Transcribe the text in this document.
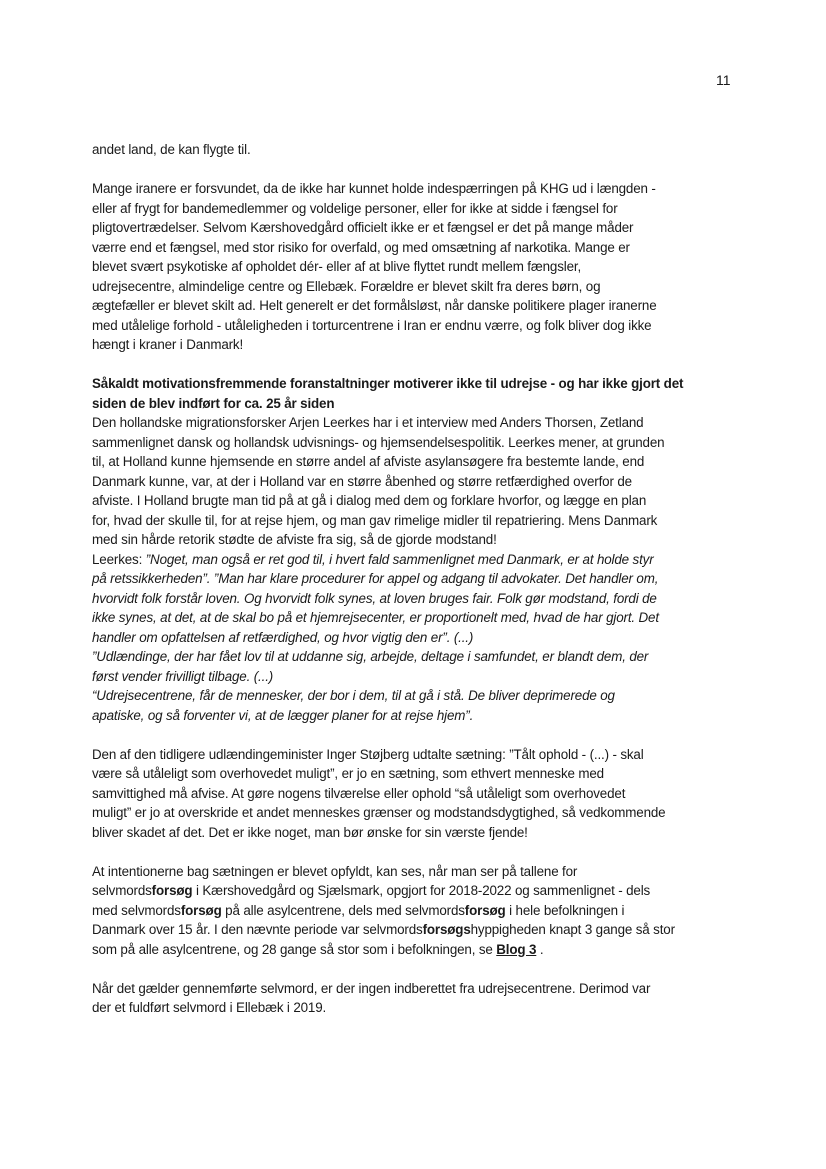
11
andet land, de kan flygte til.
Mange iranere er forsvundet, da de ikke har kunnet holde indespærringen på KHG ud i længden -
eller af frygt for bandemedlemmer og voldelige personer, eller for ikke at sidde i fængsel for
pligtovertrædelser. Selvom Kærshovedgård officielt ikke er et fængsel er det på mange måder
værre end et fængsel, med stor risiko for overfald, og med omsætning af narkotika. Mange er
blevet svært psykotiske af opholdet dér- eller af at blive flyttet rundt mellem fængsler,
udrejsecentre, almindelige centre og Ellebæk. Forældre er blevet skilt fra deres børn, og
ægtefæller er blevet skilt ad. Helt generelt er det formålsløst, når danske politikere plager iranerne
med utålelige forhold - utåleligheden i torturcentrene i Iran er endnu værre, og folk bliver dog ikke
hængt i kraner i Danmark!
Såkaldt motivationsfremmende foranstaltninger motiverer ikke til udrejse - og har ikke gjort det
siden de blev indført for ca. 25 år siden
Den hollandske migrationsforsker Arjen Leerkes har i et interview med Anders Thorsen, Zetland
sammenlignet dansk og hollandsk udvisnings- og hjemsendelsespolitik. Leerkes mener, at grunden
til, at Holland kunne hjemsende en større andel af afviste asylansøgere fra bestemte lande, end
Danmark kunne, var, at der i Holland var en større åbenhed og større retfærdighed overfor de
afviste. I Holland brugte man tid på at gå i dialog med dem og forklare hvorfor, og lægge en plan
for, hvad der skulle til, for at rejse hjem, og man gav rimelige midler til repatriering. Mens Danmark
med sin hårde retorik stødte de afviste fra sig, så de gjorde modstand!
Leerkes: ”Noget, man også er ret god til, i hvert fald sammenlignet med Danmark, er at holde styr
på retssikkerheden”. ”Man har klare procedurer for appel og adgang til advokater. Det handler om,
hvorvidt folk forstår loven. Og hvorvidt folk synes, at loven bruges fair. Folk gør modstand, fordi de
ikke synes, at det, at de skal bo på et hjemrejsecenter, er proportionelt med, hvad de har gjort. Det
handler om opfattelsen af retfærdighed, og hvor vigtig den er”. (...)
”Udlændinge, der har fået lov til at uddanne sig, arbejde, deltage i samfundet, er blandt dem, der
først vender frivilligt tilbage. (...)
“Udrejsecentrene, får de mennesker, der bor i dem, til at gå i stå. De bliver deprimerede og
apatiske, og så forventer vi, at de lægger planer for at rejse hjem”.
Den af den tidligere udlændingeminister Inger Støjberg udtalte sætning: ”Tålt ophold - (...) - skal
være så utåleligt som overhovedet muligt”, er jo en sætning, som ethvert menneske med
samvittighed må afvise. At gøre nogens tilværelse eller ophold “så utåleligt som overhovedet
muligt” er jo at overskride et andet menneskes grænser og modstandsdygtighed, så vedkommende
bliver skadet af det. Det er ikke noget, man bør ønske for sin værste fjende!
At intentionerne bag sætningen er blevet opfyldt, kan ses, når man ser på tallene for
selvmordsforsøg i Kærshovedgård og Sjælsmark, opgjort for 2018-2022 og sammenlignet - dels
med selvmordsforsøg på alle asylcentrene, dels med selvmordsforsøg i hele befolkningen i
Danmark over 15 år. I den nævnte periode var selvmordsforsøgshyppigheden knapt 3 gange så stor
som på alle asylcentrene, og 28 gange så stor som i befolkningen, se Blog 3 .
Når det gælder gennemførte selvmord, er der ingen indberettet fra udrejsecentrene. Derimod var
der et fuldført selvmord i Ellebæk i 2019.
